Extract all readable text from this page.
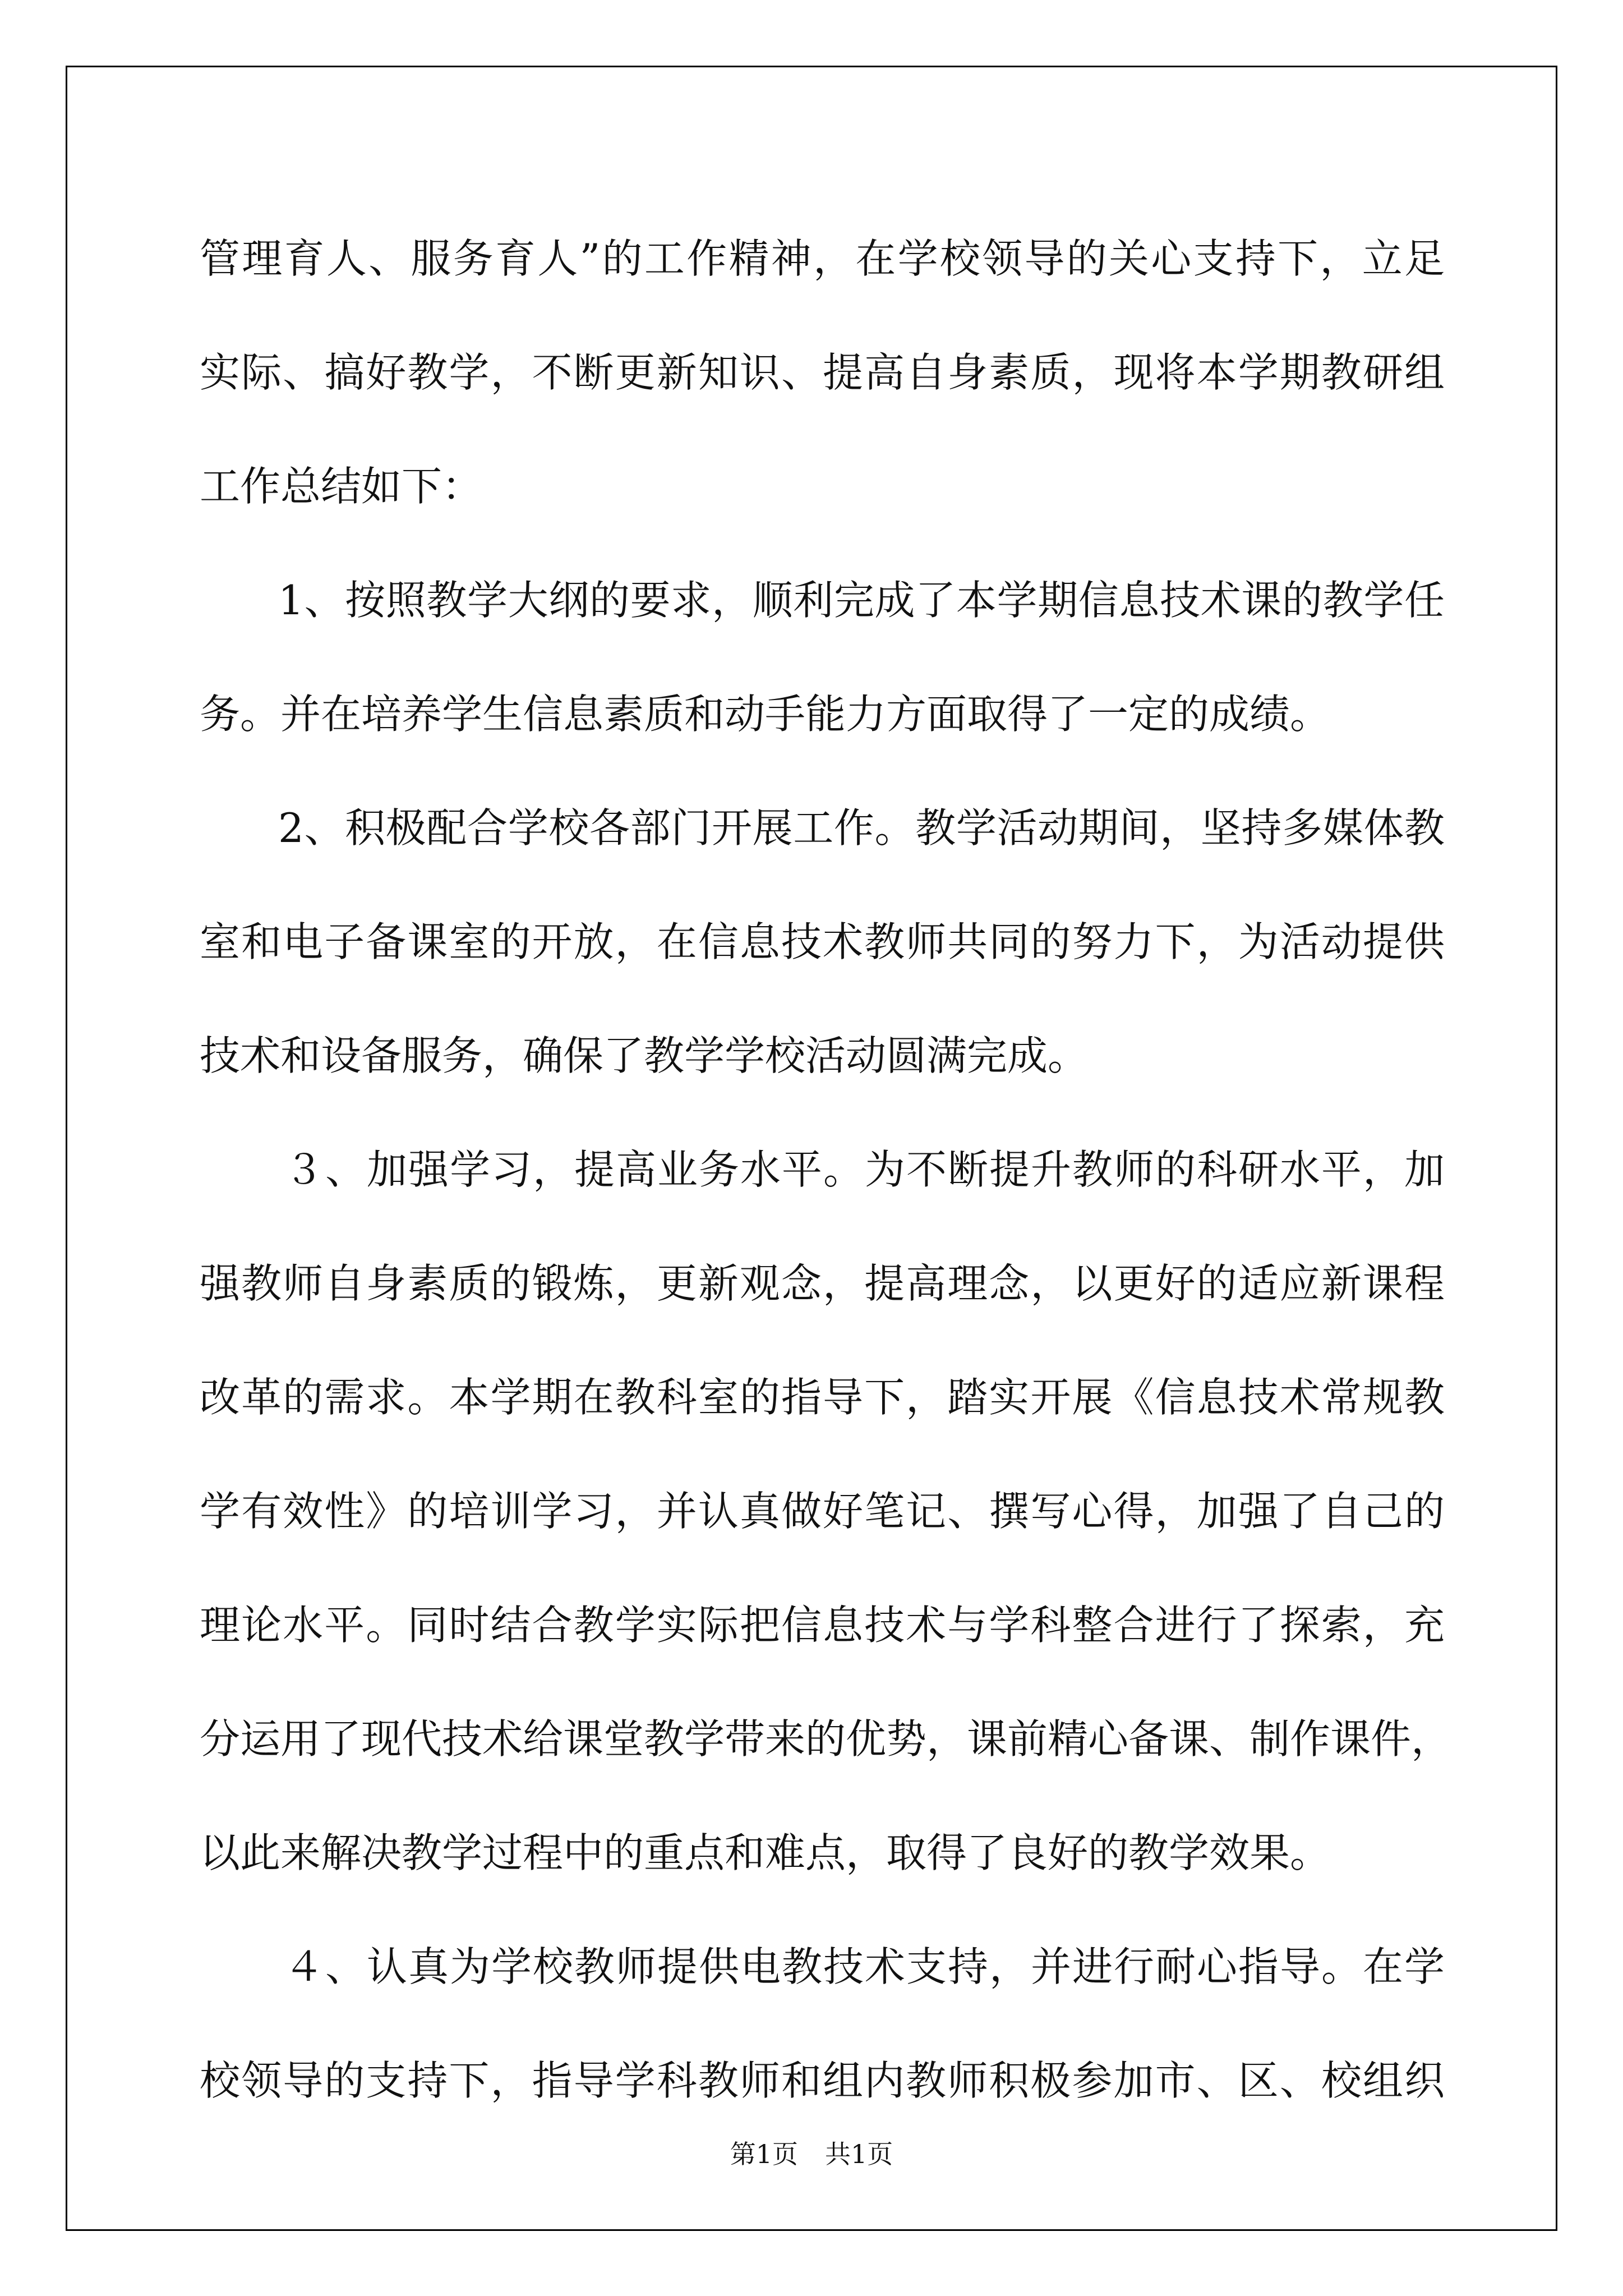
管理育人、服务育人”的工作精神，在学校领导的关心支持下，立足
实际、搞好教学，不断更新知识、提高自身素质，现将本学期教研组
工作总结如下：
1、按照教学大纲的要求，顺利完成了本学期信息技术课的教学任
务。并在培养学生信息素质和动手能力方面取得了一定的成绩。
2、积极配合学校各部门开展工作。教学活动期间，坚持多媒体教
室和电子备课室的开放，在信息技术教师共同的努力下，为活动提供
技术和设备服务，确保了教学学校活动圆满完成。
３、加强学习，提高业务水平。为不断提升教师的科研水平，加
强教师自身素质的锻炼，更新观念，提高理念，以更好的适应新课程
改革的需求。本学期在教科室的指导下，踏实开展《信息技术常规教
学有效性》的培训学习，并认真做好笔记、撰写心得，加强了自己的
理论水平。同时结合教学实际把信息技术与学科整合进行了探索，充
分运用了现代技术给课堂教学带来的优势，课前精心备课、制作课件，
以此来解决教学过程中的重点和难点，取得了良好的教学效果。
４、认真为学校教师提供电教技术支持，并进行耐心指导。在学
校领导的支持下，指导学科教师和组内教师积极参加市、区、校组织
第1页 共1页
